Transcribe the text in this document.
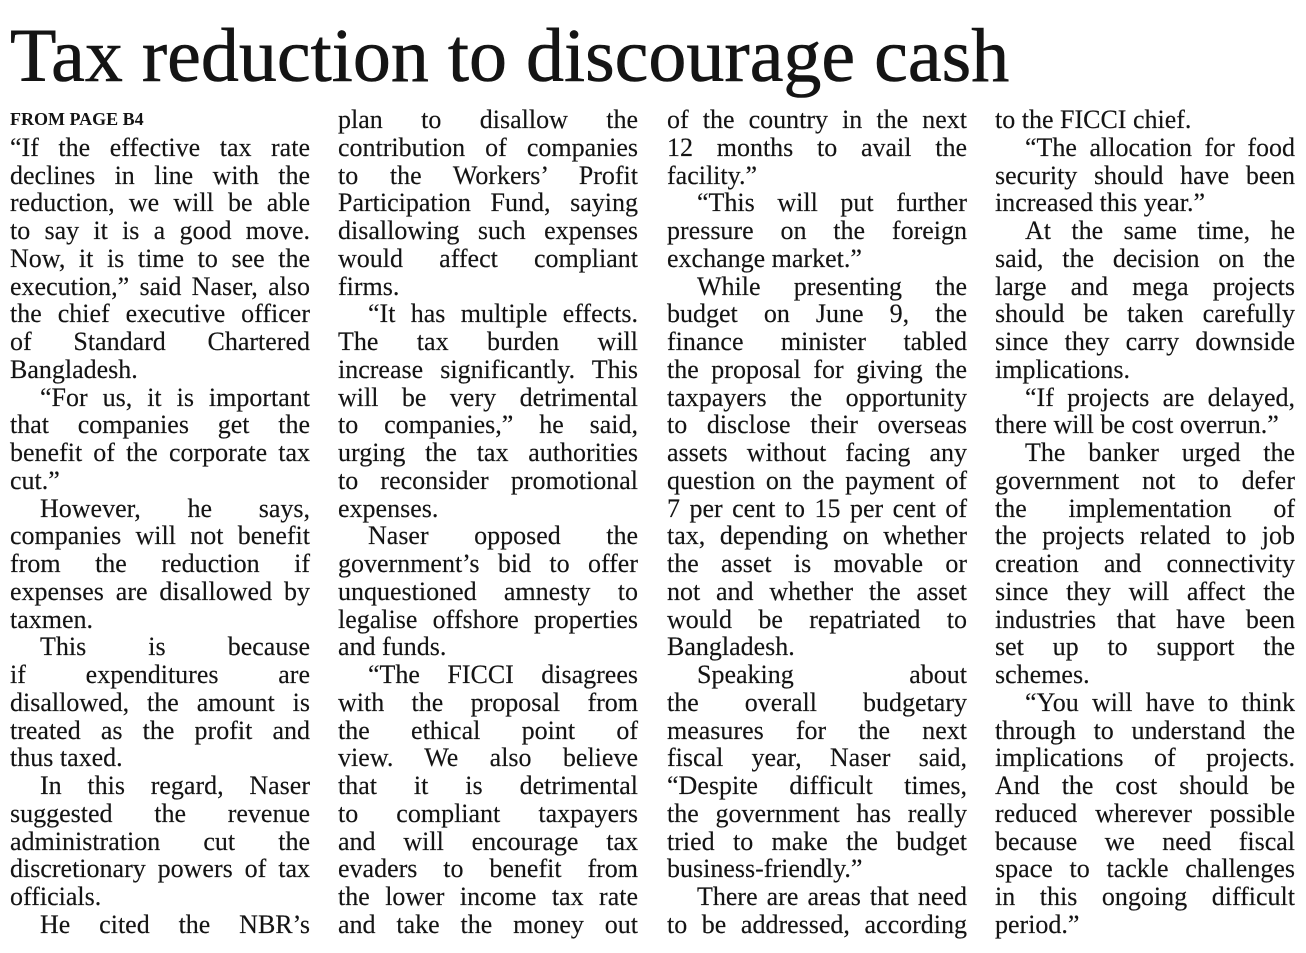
Tax reduction to discourage cash
FROM PAGE B4
“If the effective tax rate
declines in line with the
reduction, we will be able
to say it is a good move.
Now, it is time to see the
execution,” said Naser, also
the chief executive officer
of Standard Chartered
Bangladesh.
“For us, it is important
that companies get the
benefit of the corporate tax
cut.”
However, he says,
companies will not benefit
from the reduction if
expenses are disallowed by
taxmen.
This is because
if expenditures are
disallowed, the amount is
treated as the profit and
thus taxed.
In this regard, Naser
suggested the revenue
administration cut the
discretionary powers of tax
officials.
He cited the NBR’s
plan to disallow the
contribution of companies
to the Workers’ Profit
Participation Fund, saying
disallowing such expenses
would affect compliant
firms.
“It has multiple effects.
The tax burden will
increase significantly. This
will be very detrimental
to companies,” he said,
urging the tax authorities
to reconsider promotional
expenses.
Naser opposed the
government’s bid to offer
unquestioned amnesty to
legalise offshore properties
and funds.
“The FICCI disagrees
with the proposal from
the ethical point of
view. We also believe
that it is detrimental
to compliant taxpayers
and will encourage tax
evaders to benefit from
the lower income tax rate
and take the money out
of the country in the next
12 months to avail the
facility.”
“This will put further
pressure on the foreign
exchange market.”
While presenting the
budget on June 9, the
finance minister tabled
the proposal for giving the
taxpayers the opportunity
to disclose their overseas
assets without facing any
question on the payment of
7 per cent to 15 per cent of
tax, depending on whether
the asset is movable or
not and whether the asset
would be repatriated to
Bangladesh.
Speaking about
the overall budgetary
measures for the next
fiscal year, Naser said,
“Despite difficult times,
the government has really
tried to make the budget
business-friendly.”
There are areas that need
to be addressed, according
to the FICCI chief.
“The allocation for food
security should have been
increased this year.”
At the same time, he
said, the decision on the
large and mega projects
should be taken carefully
since they carry downside
implications.
“If projects are delayed,
there will be cost overrun.”
The banker urged the
government not to defer
the implementation of
the projects related to job
creation and connectivity
since they will affect the
industries that have been
set up to support the
schemes.
“You will have to think
through to understand the
implications of projects.
And the cost should be
reduced wherever possible
because we need fiscal
space to tackle challenges
in this ongoing difficult
period.”
